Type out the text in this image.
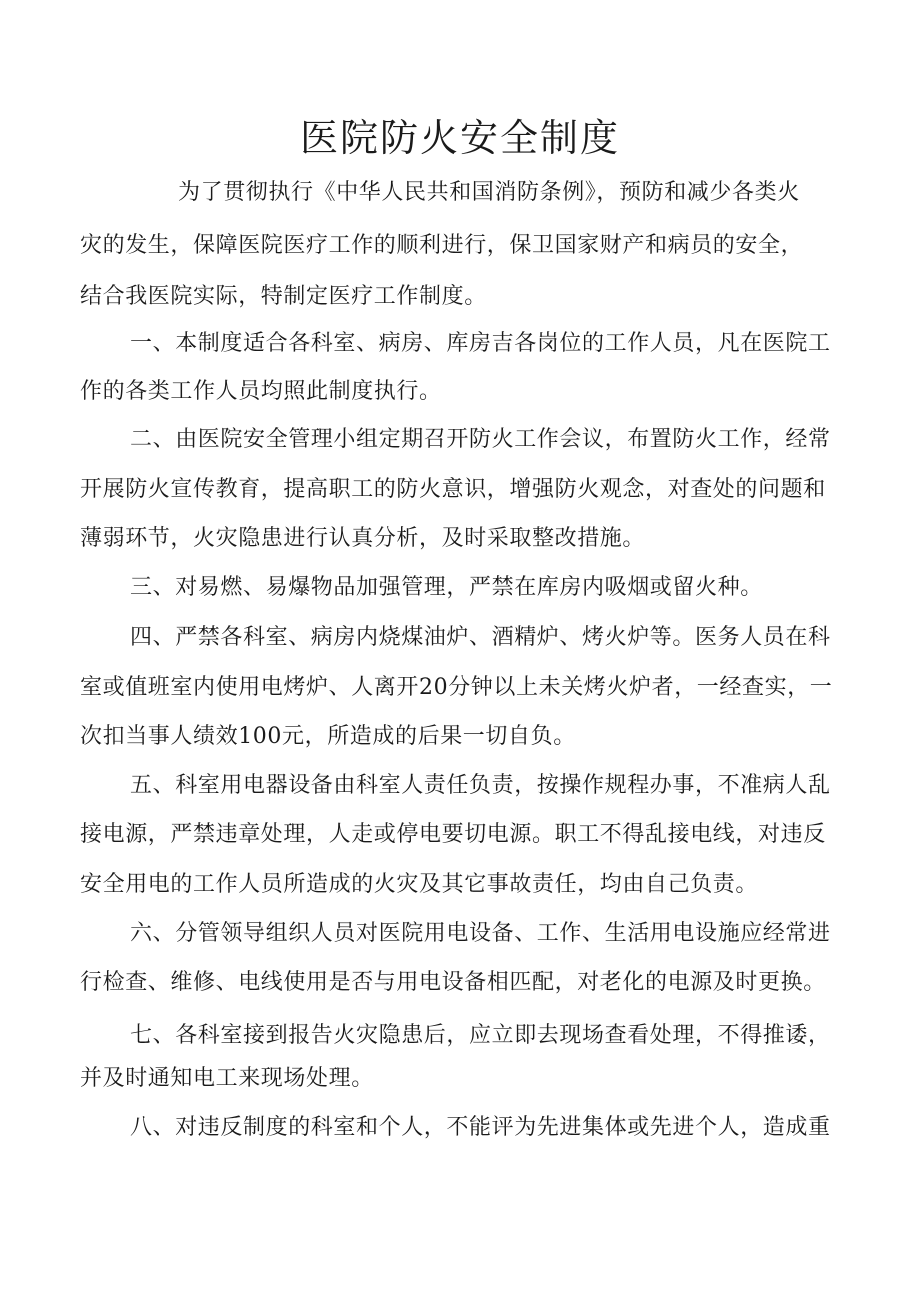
医院防火安全制度
为了贯彻执行《中华人民共和国消防条例》，预防和减少各类火
灾的发生，保障医院医疗工作的顺利进行，保卫国家财产和病员的安全，
结合我医院实际，特制定医疗工作制度。
一、本制度适合各科室、病房、库房吉各岗位的工作人员，凡在医院工
作的各类工作人员均照此制度执行。
二、由医院安全管理小组定期召开防火工作会议，布置防火工作，经常
开展防火宣传教育，提高职工的防火意识，增强防火观念，对查处的问题和
薄弱环节，火灾隐患进行认真分析，及时采取整改措施。
三、对易燃、易爆物品加强管理，严禁在库房内吸烟或留火种。
四、严禁各科室、病房内烧煤油炉、酒精炉、烤火炉等。医务人员在科
室或值班室内使用电烤炉、人离开20分钟以上未关烤火炉者，一经查实，一
次扣当事人绩效100元，所造成的后果一切自负。
五、科室用电器设备由科室人责任负责，按操作规程办事，不准病人乱
接电源，严禁违章处理，人走或停电要切电源。职工不得乱接电线，对违反
安全用电的工作人员所造成的火灾及其它事故责任，均由自己负责。
六、分管领导组织人员对医院用电设备、工作、生活用电设施应经常进
行检查、维修、电线使用是否与用电设备相匹配，对老化的电源及时更换。
七、各科室接到报告火灾隐患后，应立即去现场查看处理，不得推诿，
并及时通知电工来现场处理。
八、对违反制度的科室和个人，不能评为先进集体或先进个人，造成重
